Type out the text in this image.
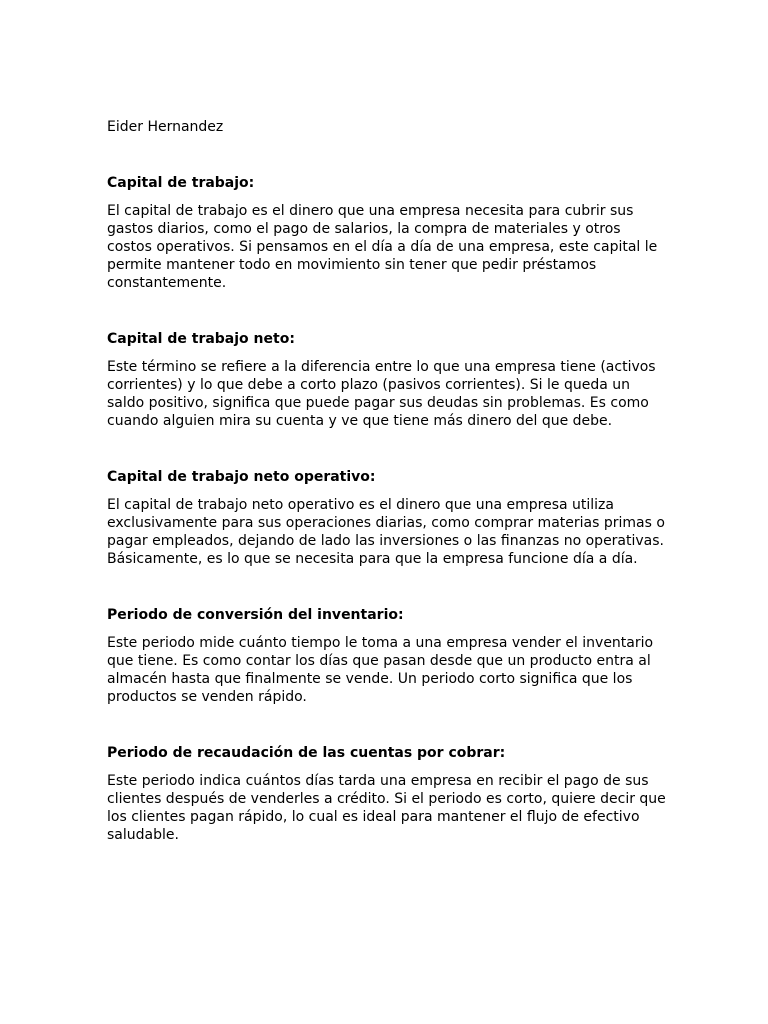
Eider Hernandez

Capital de trabajo:

El capital de trabajo es el dinero que una empresa necesita para cubrir sus
gastos diarios, como el pago de salarios, la compra de materiales y otros
costos operativos. Si pensamos en el día a día de una empresa, este capital le
permite mantener todo en movimiento sin tener que pedir préstamos
constantemente.

Capital de trabajo neto:

Este término se refiere a la diferencia entre lo que una empresa tiene (activos
corrientes) y lo que debe a corto plazo (pasivos corrientes). Si le queda un
saldo positivo, significa que puede pagar sus deudas sin problemas. Es como
cuando alguien mira su cuenta y ve que tiene más dinero del que debe.

Capital de trabajo neto operativo:

El capital de trabajo neto operativo es el dinero que una empresa utiliza
exclusivamente para sus operaciones diarias, como comprar materias primas o
pagar empleados, dejando de lado las inversiones o las finanzas no operativas.
Básicamente, es lo que se necesita para que la empresa funcione día a día.

Periodo de conversión del inventario:

Este periodo mide cuánto tiempo le toma a una empresa vender el inventario
que tiene. Es como contar los días que pasan desde que un producto entra al
almacén hasta que finalmente se vende. Un periodo corto significa que los
productos se venden rápido.

Periodo de recaudación de las cuentas por cobrar:

Este periodo indica cuántos días tarda una empresa en recibir el pago de sus
clientes después de venderles a crédito. Si el periodo es corto, quiere decir que
los clientes pagan rápido, lo cual es ideal para mantener el flujo de efectivo
saludable.
